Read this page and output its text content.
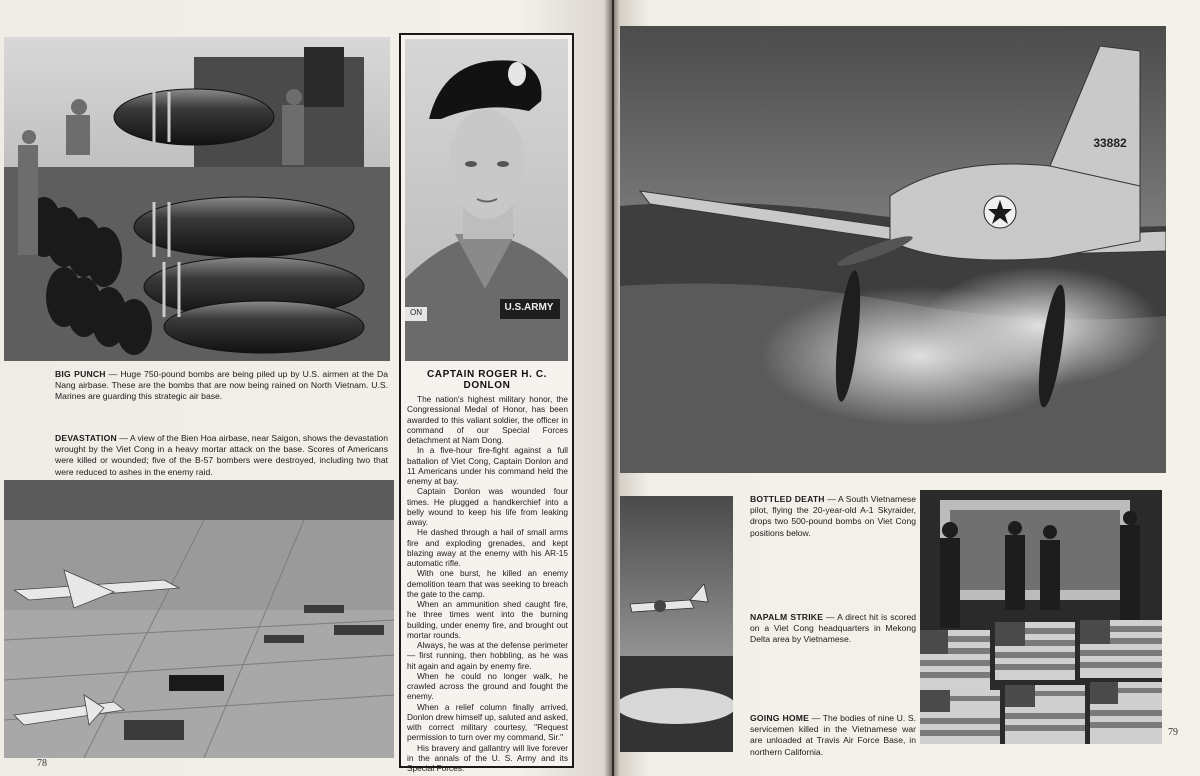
BIG PUNCH — Huge 750-pound bombs are being piled up by U.S. airmen at the Da Nang airbase. These are the bombs that are now being rained on North Vietnam. U.S. Marines are guarding this strategic air base.
DEVASTATION — A view of the Bien Hoa airbase, near Saigon, shows the devastation wrought by the Viet Cong in a heavy mortar attack on the base. Scores of Americans were killed or wounded; five of the B-57 bombers were destroyed, including two that were reduced to ashes in the enemy raid.
78
U.S.ARMY
ON
CAPTAIN ROGER H. C. DONLON

The nation's highest military honor, the Congressional Medal of Honor, has been awarded to this valiant soldier, the officer in command of our Special Forces detachment at Nam Dong.

In a five-hour fire-fight against a full battalion of Viet Cong, Captain Donlon and 11 Americans under his command held the enemy at bay.

Captain Donlon was wounded four times. He plugged a handkerchief into a belly wound to keep his life from leaking away.

He dashed through a hail of small arms fire and exploding grenades, and kept blazing away at the enemy with his AR-15 automatic rifle.

With one burst, he killed an enemy demolition team that was seeking to breach the gate to the camp.

When an ammunition shed caught fire, he three times went into the burning building, under enemy fire, and brought out mortar rounds.

Always, he was at the defense perimeter — first running, then hobbling, as he was hit again and again by enemy fire.

When he could no longer walk, he crawled across the ground and fought the enemy.

When a relief column finally arrived, Donlon drew himself up, saluted and asked, with correct military courtesy, "Request permission to turn over my command, Sir."

His bravery and gallantry will live forever in the annals of the U. S. Army and its Special Forces.

33882
BOTTLED DEATH — A South Vietnamese pilot, flying the 20-year-old A-1 Skyraider, drops two 500-pound bombs on Viet Cong positions below.
NAPALM STRIKE — A direct hit is scored on a Viet Cong headquarters in Mekong Delta area by Vietnamese.
GOING HOME — The bodies of nine U. S. servicemen killed in the Vietnamese war are unloaded at Travis Air Force Base, in northern California.
79
